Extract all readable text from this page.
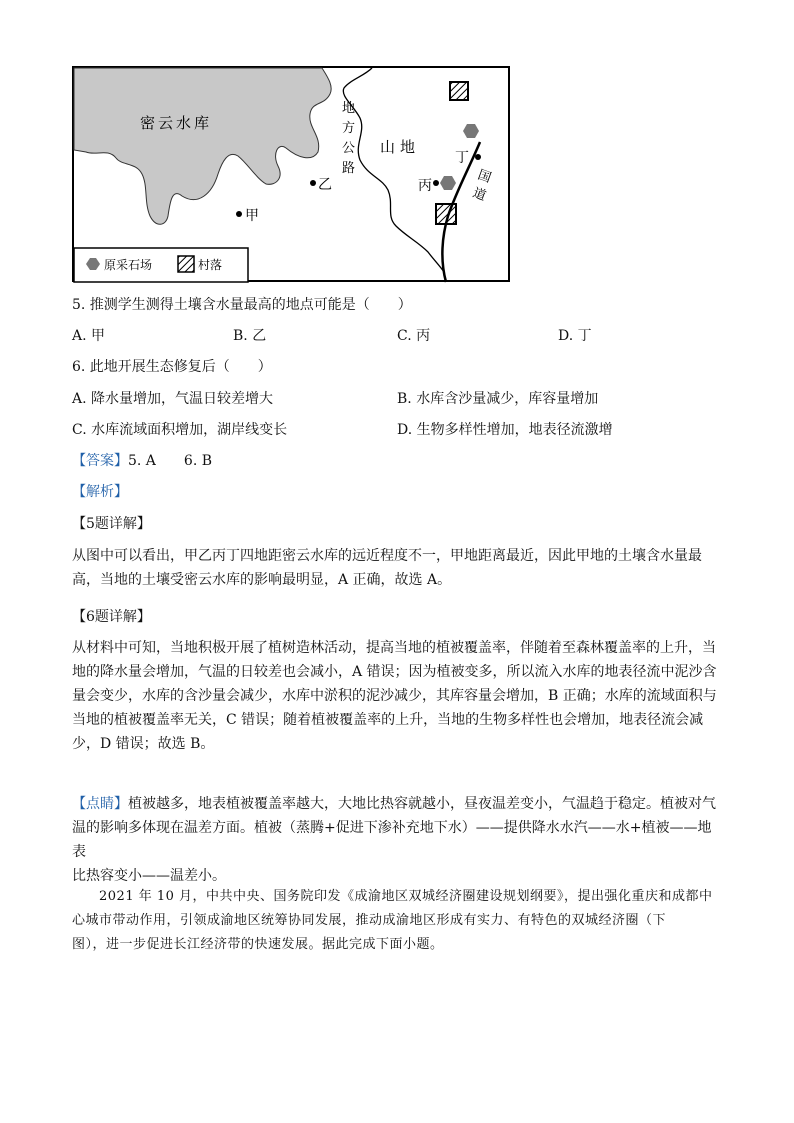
密云水库
地
方
公
路
山地
乙
甲
丙
丁
国
道
原采石场	村落
5. 推测学生测得土壤含水量最高的地点可能是（　　）
A. 甲	B. 乙	C. 丙	D. 丁
6. 此地开展生态修复后（　　）
A. 降水量增加，气温日较差增大	B. 水库含沙量减少，库容量增加
C. 水库流域面积增加，湖岸线变长	D. 生物多样性增加，地表径流激增
【答案】5. A　　6. B
【解析】
【5题详解】
从图中可以看出，甲乙丙丁四地距密云水库的远近程度不一，甲地距离最近，因此甲地的土壤含水量最
高，当地的土壤受密云水库的影响最明显，A 正确，故选 A。
【6题详解】
从材料中可知，当地积极开展了植树造林活动，提高当地的植被覆盖率，伴随着至森林覆盖率的上升，当
地的降水量会增加，气温的日较差也会减小，A 错误；因为植被变多，所以流入水库的地表径流中泥沙含
量会变少，水库的含沙量会减少，水库中淤积的泥沙减少，其库容量会增加，B 正确；水库的流域面积与
当地的植被覆盖率无关，C 错误；随着植被覆盖率的上升，当地的生物多样性也会增加，地表径流会减
少，D 错误；故选 B。
【点睛】植被越多，地表植被覆盖率越大，大地比热容就越小，昼夜温差变小，气温趋于稳定。植被对气
温的影响多体现在温差方面。植被（蒸腾+促进下渗补充地下水）——提供降水水汽——水+植被——地表
比热容变小——温差小。
　　2021 年 10 月，中共中央、国务院印发《成渝地区双城经济圈建设规划纲要》，提出强化重庆和成都中
心城市带动作用，引领成渝地区统筹协同发展，推动成渝地区形成有实力、有特色的双城经济圈（下
图），进一步促进长江经济带的快速发展。据此完成下面小题。
